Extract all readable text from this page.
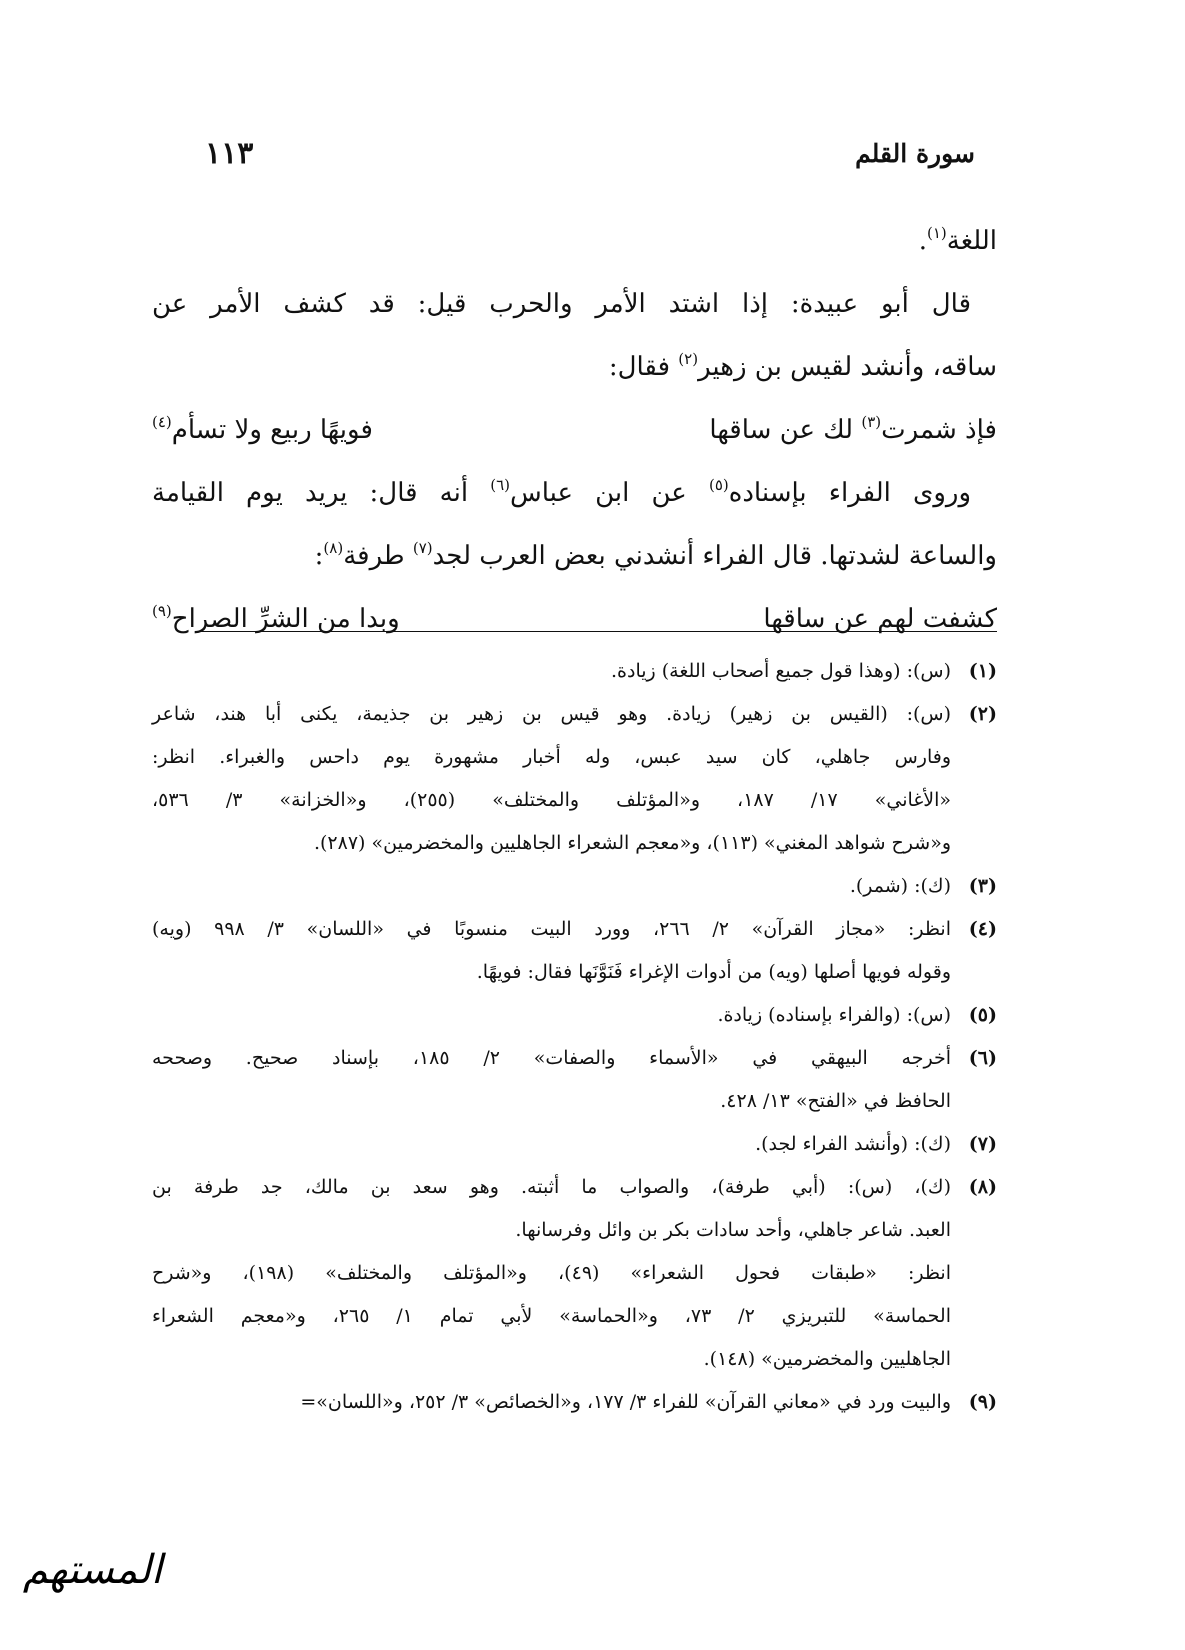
سورة القلم
١١٣
اللغة$^{(١)}$.
قال أبو عبيدة: إذا اشتد الأمر والحرب قيل: قد كشف الأمر عن
ساقه، وأنشد لقيس بن زهير$^{(٢)}$ فقال:
فإذ شمرت$^{(٣)}$ لك عن ساقها
فويهًا ربيع ولا تسأم$^{(٤)}$
وروى الفراء بإسناده$^{(٥)}$ عن ابن عباس$^{(٦)}$ أنه قال: يريد يوم القيامة
والساعة لشدتها. قال الفراء أنشدني بعض العرب لجد$^{(٧)}$ طرفة$^{(٨)}$:
كشفت لهم عن ساقها
وبدا من الشرِّ الصراح$^{(٩)}$
(١)
(س): (وهذا قول جميع أصحاب اللغة) زيادة.
(٢)
(س): (القيس بن زهير) زيادة. وهو قيس بن زهير بن جذيمة، يكنى أبا هند، شاعر
وفارس جاهلي، كان سيد عبس، وله أخبار مشهورة يوم داحس والغبراء. انظر:
«الأغاني» ١٧/ ١٨٧، و«المؤتلف والمختلف» (٢٥٥)، و«الخزانة» ٣/ ٥٣٦،
و«شرح شواهد المغني» (١١٣)، و«معجم الشعراء الجاهليين والمخضرمين» (٢٨٧).
(٣)
(ك): (شمر).
(٤)
انظر: «مجاز القرآن» ٢/ ٢٦٦، وورد البيت منسوبًا في «اللسان» ٣/ ٩٩٨ (ويه)
وقوله فويها أصلها (ويه) من أدوات الإغراء فَنَوَّنَها فقال: فويهًا.
(٥)
(س): (والفراء بإسناده) زيادة.
(٦)
أخرجه البيهقي في «الأسماء والصفات» ٢/ ١٨٥، بإسناد صحيح. وصححه
الحافظ في «الفتح» ١٣/ ٤٢٨.
(٧)
(ك): (وأنشد الفراء لجد).
(٨)
(ك)، (س): (أبي طرفة)، والصواب ما أثبته. وهو سعد بن مالك، جد طرفة بن
العبد. شاعر جاهلي، وأحد سادات بكر بن وائل وفرسانها.
انظر: «طبقات فحول الشعراء» (٤٩)، و«المؤتلف والمختلف» (١٩٨)، و«شرح
الحماسة» للتبريزي ٢/ ٧٣، و«الحماسة» لأبي تمام ١/ ٢٦٥، و«معجم الشعراء
الجاهليين والمخضرمين» (١٤٨).
(٩)
والبيت ورد في «معاني القرآن» للفراء ٣/ ١٧٧، و«الخصائص» ٣/ ٢٥٢، و«اللسان»=
المستهم
